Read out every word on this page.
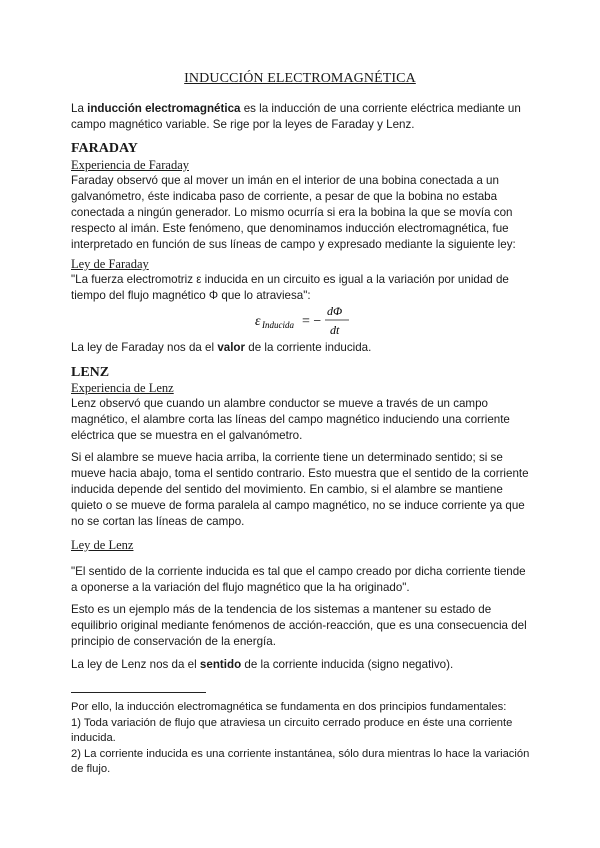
INDUCCIÓN ELECTROMAGNÉTICA
La inducción electromagnética es la inducción de una corriente eléctrica mediante un campo magnético variable. Se rige por la leyes de Faraday y Lenz.
FARADAY
Experiencia de Faraday
Faraday observó que al mover un imán en el interior de una bobina conectada a un galvanómetro, éste indicaba paso de corriente, a pesar de que la bobina no estaba conectada a ningún generador. Lo mismo ocurría si era la bobina la que se movía con respecto al imán. Este fenómeno, que denominamos inducción electromagnética, fue interpretado en función de sus líneas de campo y expresado mediante la siguiente ley:
Ley de Faraday
"La fuerza electromotriz ε inducida en un circuito es igual a la variación por unidad de tiempo del flujo magnético Φ que lo atraviesa":
ε Inducida = −
dΦ
dt
La ley de Faraday nos da el valor de la corriente inducida.
LENZ
Experiencia de Lenz
Lenz observó que cuando un alambre conductor se mueve a través de un campo magnético, el alambre corta las líneas del campo magnético induciendo una corriente eléctrica que se muestra en el galvanómetro.
Si el alambre se mueve hacia arriba, la corriente tiene un determinado sentido; si se mueve hacia abajo, toma el sentido contrario. Esto muestra que el sentido de la corriente inducida depende del sentido del movimiento. En cambio, si el alambre se mantiene quieto o se mueve de forma paralela al campo magnético, no se induce corriente ya que no se cortan las líneas de campo.
Ley de Lenz
"El sentido de la corriente inducida es tal que el campo creado por dicha corriente tiende a oponerse a la variación del flujo magnético que la ha originado".
Esto es un ejemplo más de la tendencia de los sistemas a mantener su estado de equilibrio original mediante fenómenos de acción-reacción, que es una consecuencia del principio de conservación de la energía.
La ley de Lenz nos da el sentido de la corriente inducida (signo negativo).
Por ello, la inducción electromagnética se fundamenta en dos principios fundamentales:
1) Toda variación de flujo que atraviesa un circuito cerrado produce en éste una corriente inducida.
2) La corriente inducida es una corriente instantánea, sólo dura mientras lo hace la variación de flujo.
